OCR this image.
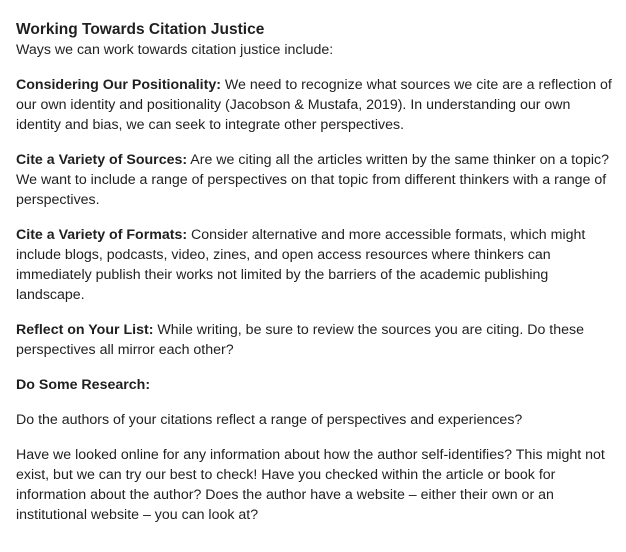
Working Towards Citation Justice

Ways we can work towards citation justice include:

Considering Our Positionality: We need to recognize what sources we cite are a reflection of our own identity and positionality (Jacobson & Mustafa, 2019). In understanding our own identity and bias, we can seek to integrate other perspectives.

Cite a Variety of Sources: Are we citing all the articles written by the same thinker on a topic? We want to include a range of perspectives on that topic from different thinkers with a range of perspectives.

Cite a Variety of Formats: Consider alternative and more accessible formats, which might include blogs, podcasts, video, zines, and open access resources where thinkers can immediately publish their works not limited by the barriers of the academic publishing landscape.

Reflect on Your List: While writing, be sure to review the sources you are citing. Do these perspectives all mirror each other?

Do Some Research:

Do the authors of your citations reflect a range of perspectives and experiences?

Have we looked online for any information about how the author self-identifies? This might not exist, but we can try our best to check! Have you checked within the article or book for information about the author? Does the author have a website – either their own or an institutional website – you can look at?
